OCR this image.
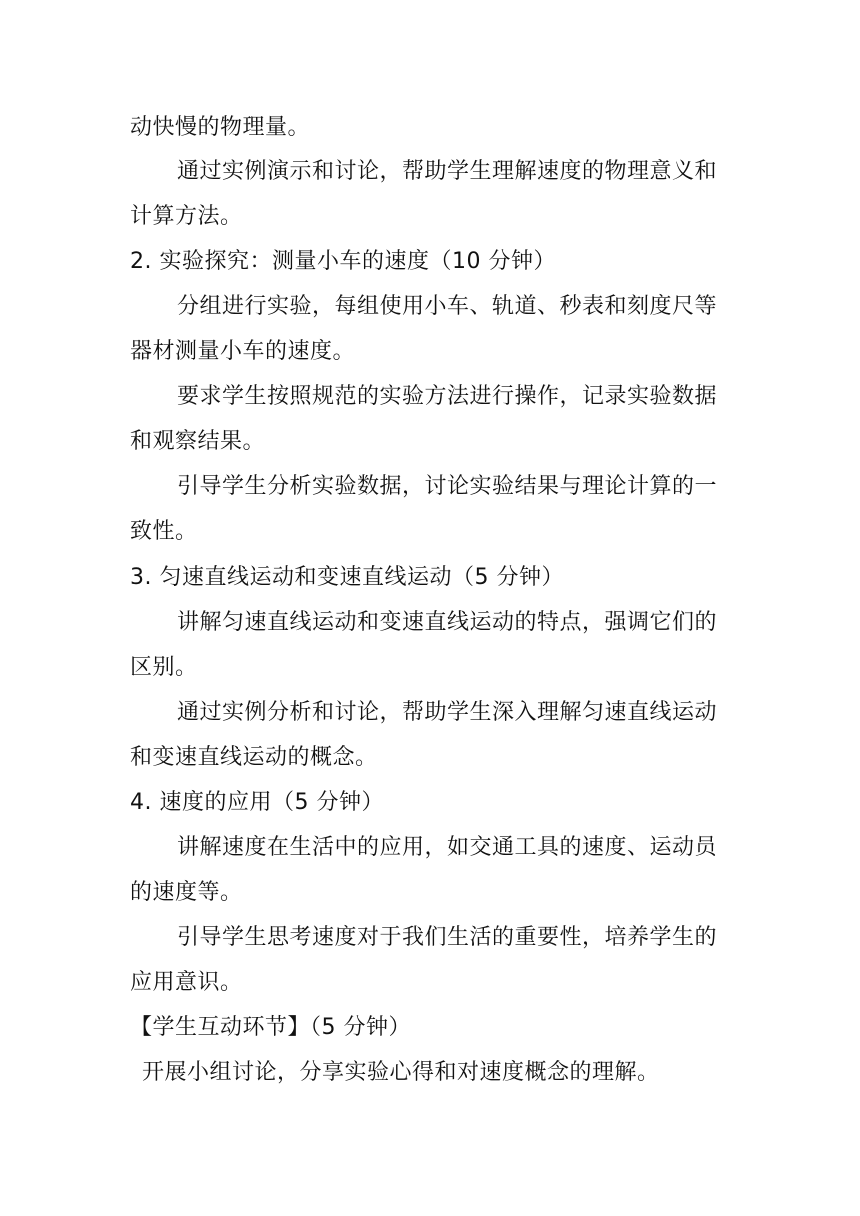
动快慢的物理量。
通过实例演示和讨论，帮助学生理解速度的物理意义和
计算方法。
2. 实验探究：测量小车的速度（10 分钟）
分组进行实验，每组使用小车、轨道、秒表和刻度尺等
器材测量小车的速度。
要求学生按照规范的实验方法进行操作，记录实验数据
和观察结果。
引导学生分析实验数据，讨论实验结果与理论计算的一
致性。
3. 匀速直线运动和变速直线运动（5 分钟）
讲解匀速直线运动和变速直线运动的特点，强调它们的
区别。
通过实例分析和讨论，帮助学生深入理解匀速直线运动
和变速直线运动的概念。
4. 速度的应用（5 分钟）
讲解速度在生活中的应用，如交通工具的速度、运动员
的速度等。
引导学生思考速度对于我们生活的重要性，培养学生的
应用意识。
【学生互动环节】（5 分钟）
开展小组讨论，分享实验心得和对速度概念的理解。
